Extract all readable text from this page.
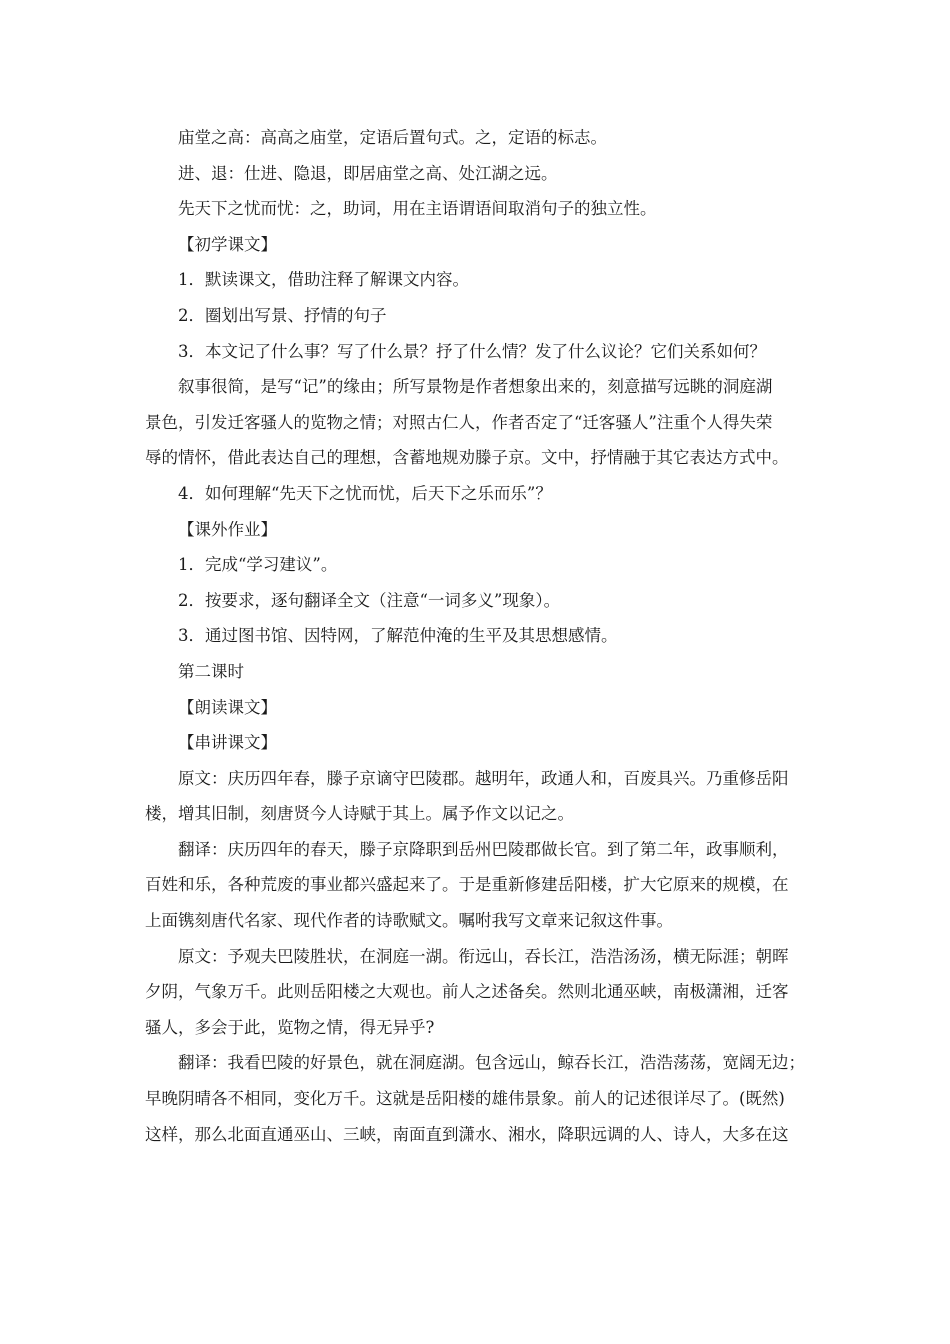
庙堂之高：高高之庙堂，定语后置句式。之，定语的标志。

进、退：仕进、隐退，即居庙堂之高、处江湖之远。

先天下之忧而忧：之，助词，用在主语谓语间取消句子的独立性。

【初学课文】

1．默读课文，借助注释了解课文内容。

2．圈划出写景、抒情的句子

3．本文记了什么事？写了什么景？抒了什么情？发了什么议论？它们关系如何？

叙事很简，是写“记”的缘由；所写景物是作者想象出来的，刻意描写远眺的洞庭湖

景色，引发迁客骚人的览物之情；对照古仁人，作者否定了“迁客骚人”注重个人得失荣

辱的情怀，借此表达自己的理想，含蓄地规劝滕子京。文中，抒情融于其它表达方式中。

4．如何理解“先天下之忧而忧，后天下之乐而乐”？

【课外作业】

1．完成“学习建议”。

2．按要求，逐句翻译全文（注意“一词多义”现象）。

3．通过图书馆、因特网，了解范仲淹的生平及其思想感情。

第二课时

【朗读课文】

【串讲课文】

原文：庆历四年春，滕子京谪守巴陵郡。越明年，政通人和，百废具兴。乃重修岳阳

楼，增其旧制，刻唐贤今人诗赋于其上。属予作文以记之。

翻译：庆历四年的春天，滕子京降职到岳州巴陵郡做长官。到了第二年，政事顺利，

百姓和乐，各种荒废的事业都兴盛起来了。于是重新修建岳阳楼，扩大它原来的规模，在

上面镌刻唐代名家、现代作者的诗歌赋文。嘱咐我写文章来记叙这件事。

原文：予观夫巴陵胜状，在洞庭一湖。衔远山，吞长江，浩浩汤汤，横无际涯；朝晖

夕阴，气象万千。此则岳阳楼之大观也。前人之述备矣。然则北通巫峡，南极潇湘，迁客

骚人，多会于此，览物之情，得无异乎?

翻译：我看巴陵的好景色，就在洞庭湖。包含远山，鲸吞长江，浩浩荡荡，宽阔无边；

早晚阴晴各不相同，变化万千。这就是岳阳楼的雄伟景象。前人的记述很详尽了。(既然)

这样，那么北面直通巫山、三峡，南面直到潇水、湘水，降职远调的人、诗人，大多在这
